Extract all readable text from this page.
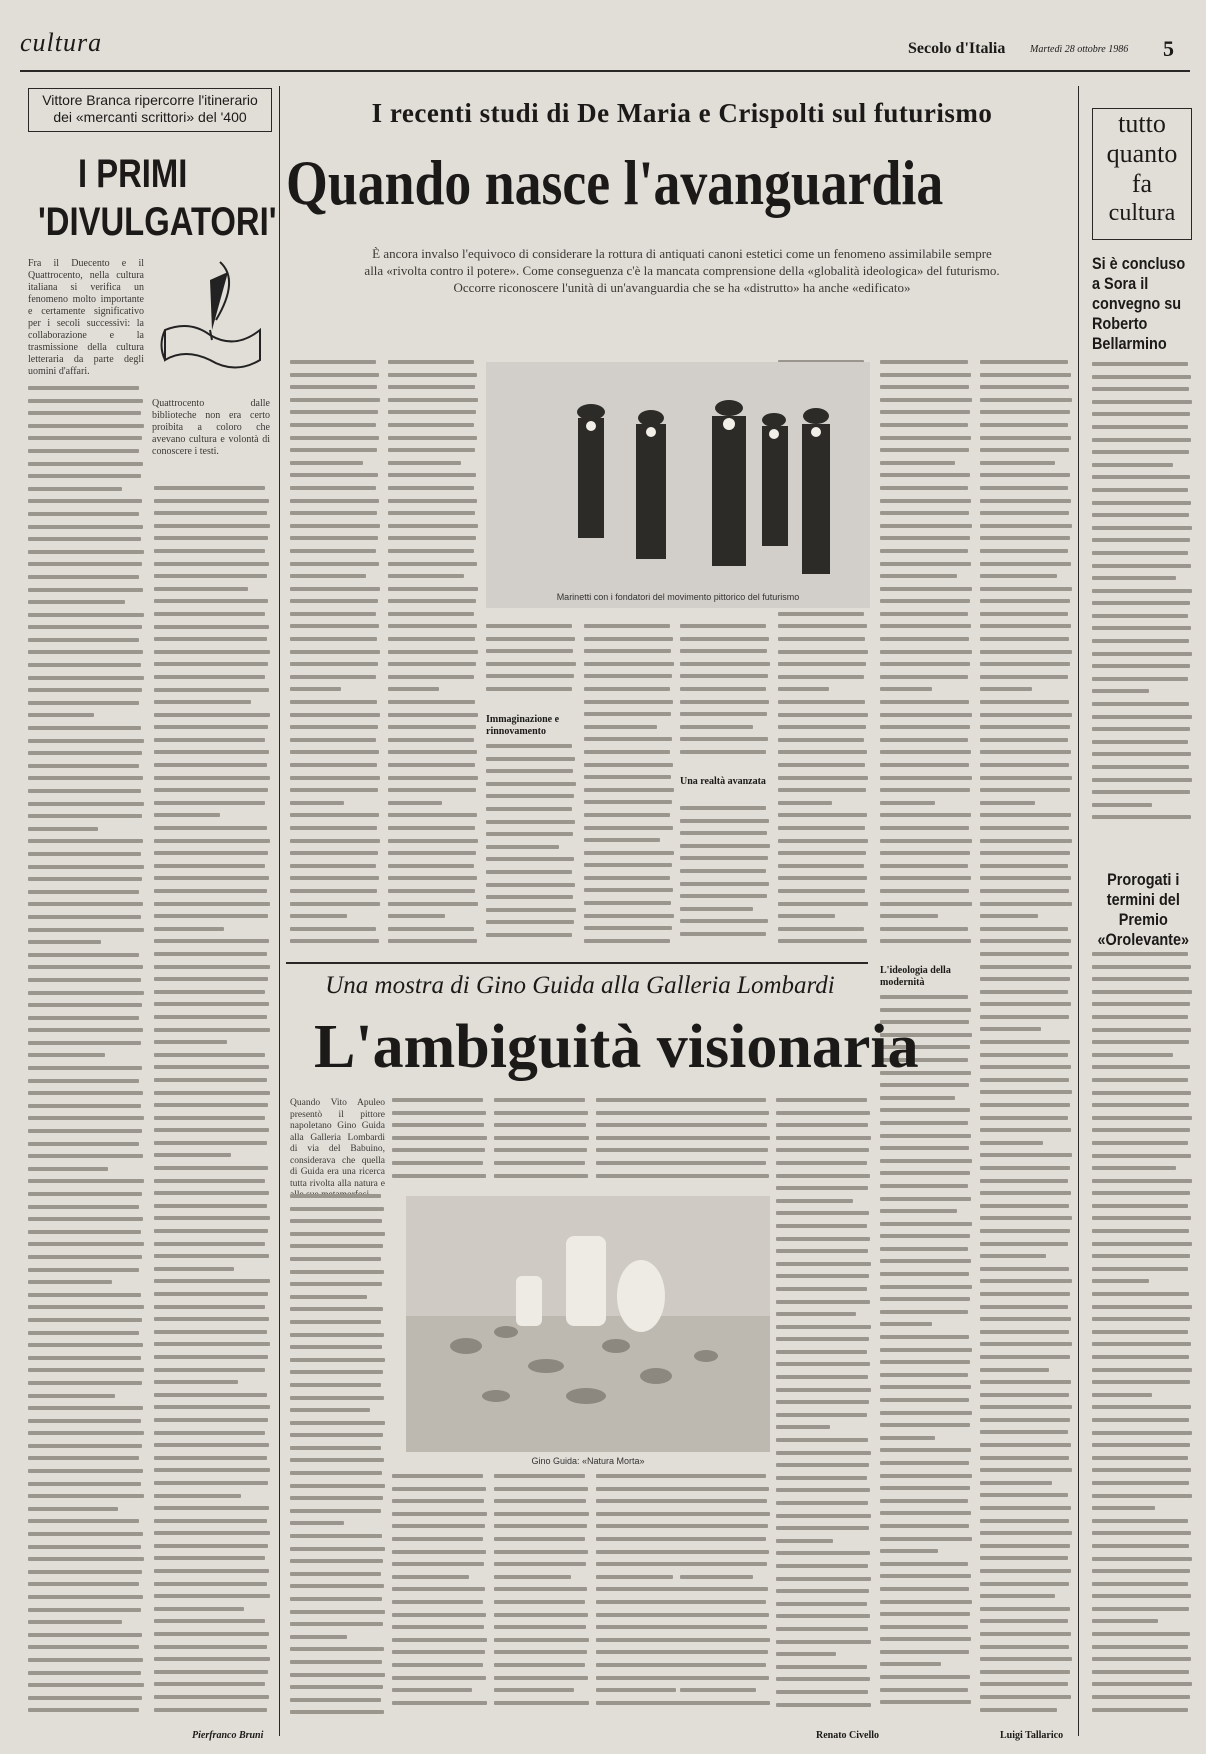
cultura	Secolo d'Italia Martedì 28 ottobre 1986 5
Vittore Branca ripercorre l'itinerario dei «mercanti scrittori» del '400
I PRIMI
'DIVULGATORI'
Fra il Duecento e il Quattrocento, nella cultura italiana si verifica un fenomeno molto importante e certamente significativo per i secoli successivi: la collaborazione e la trasmissione della cultura letteraria da parte degli uomini d'affari.
Quattrocento dalle biblioteche non era certo proibita a coloro che avevano cultura e volontà di conoscere i testi.
Pierfranco Bruni
I recenti studi di De Maria e Crispolti sul futurismo
Quando nasce l'avanguardia
È ancora invalso l'equivoco di considerare la rottura di antiquati canoni estetici come un fenomeno assimilabile sempre alla «rivolta contro il potere». Come conseguenza c'è la mancata comprensione della «globalità ideologica» del futurismo. Occorre riconoscere l'unità di un'avanguardia che se ha «distrutto» ha anche «edificato»
Immaginazione e rinnovamento
Una realtà avanzata
L'ideologia della modernità
Luigi Tallarico
Marinetti con i fondatori del movimento pittorico del futurismo
Una mostra di Gino Guida alla Galleria Lombardi
L'ambiguità visionaria
Quando Vito Apuleo presentò il pittore napoletano Gino Guida alla Galleria Lombardi di via del Babuino, considerava che quella di Guida era una ricerca tutta rivolta alla natura e
Gino Guida: «Natura Morta»
Renato Civello
tutto
quanto
fa
cultura
Si è concluso a Sora il convegno su Roberto Bellarmino
Prorogati i termini del Premio «Orolevante»
